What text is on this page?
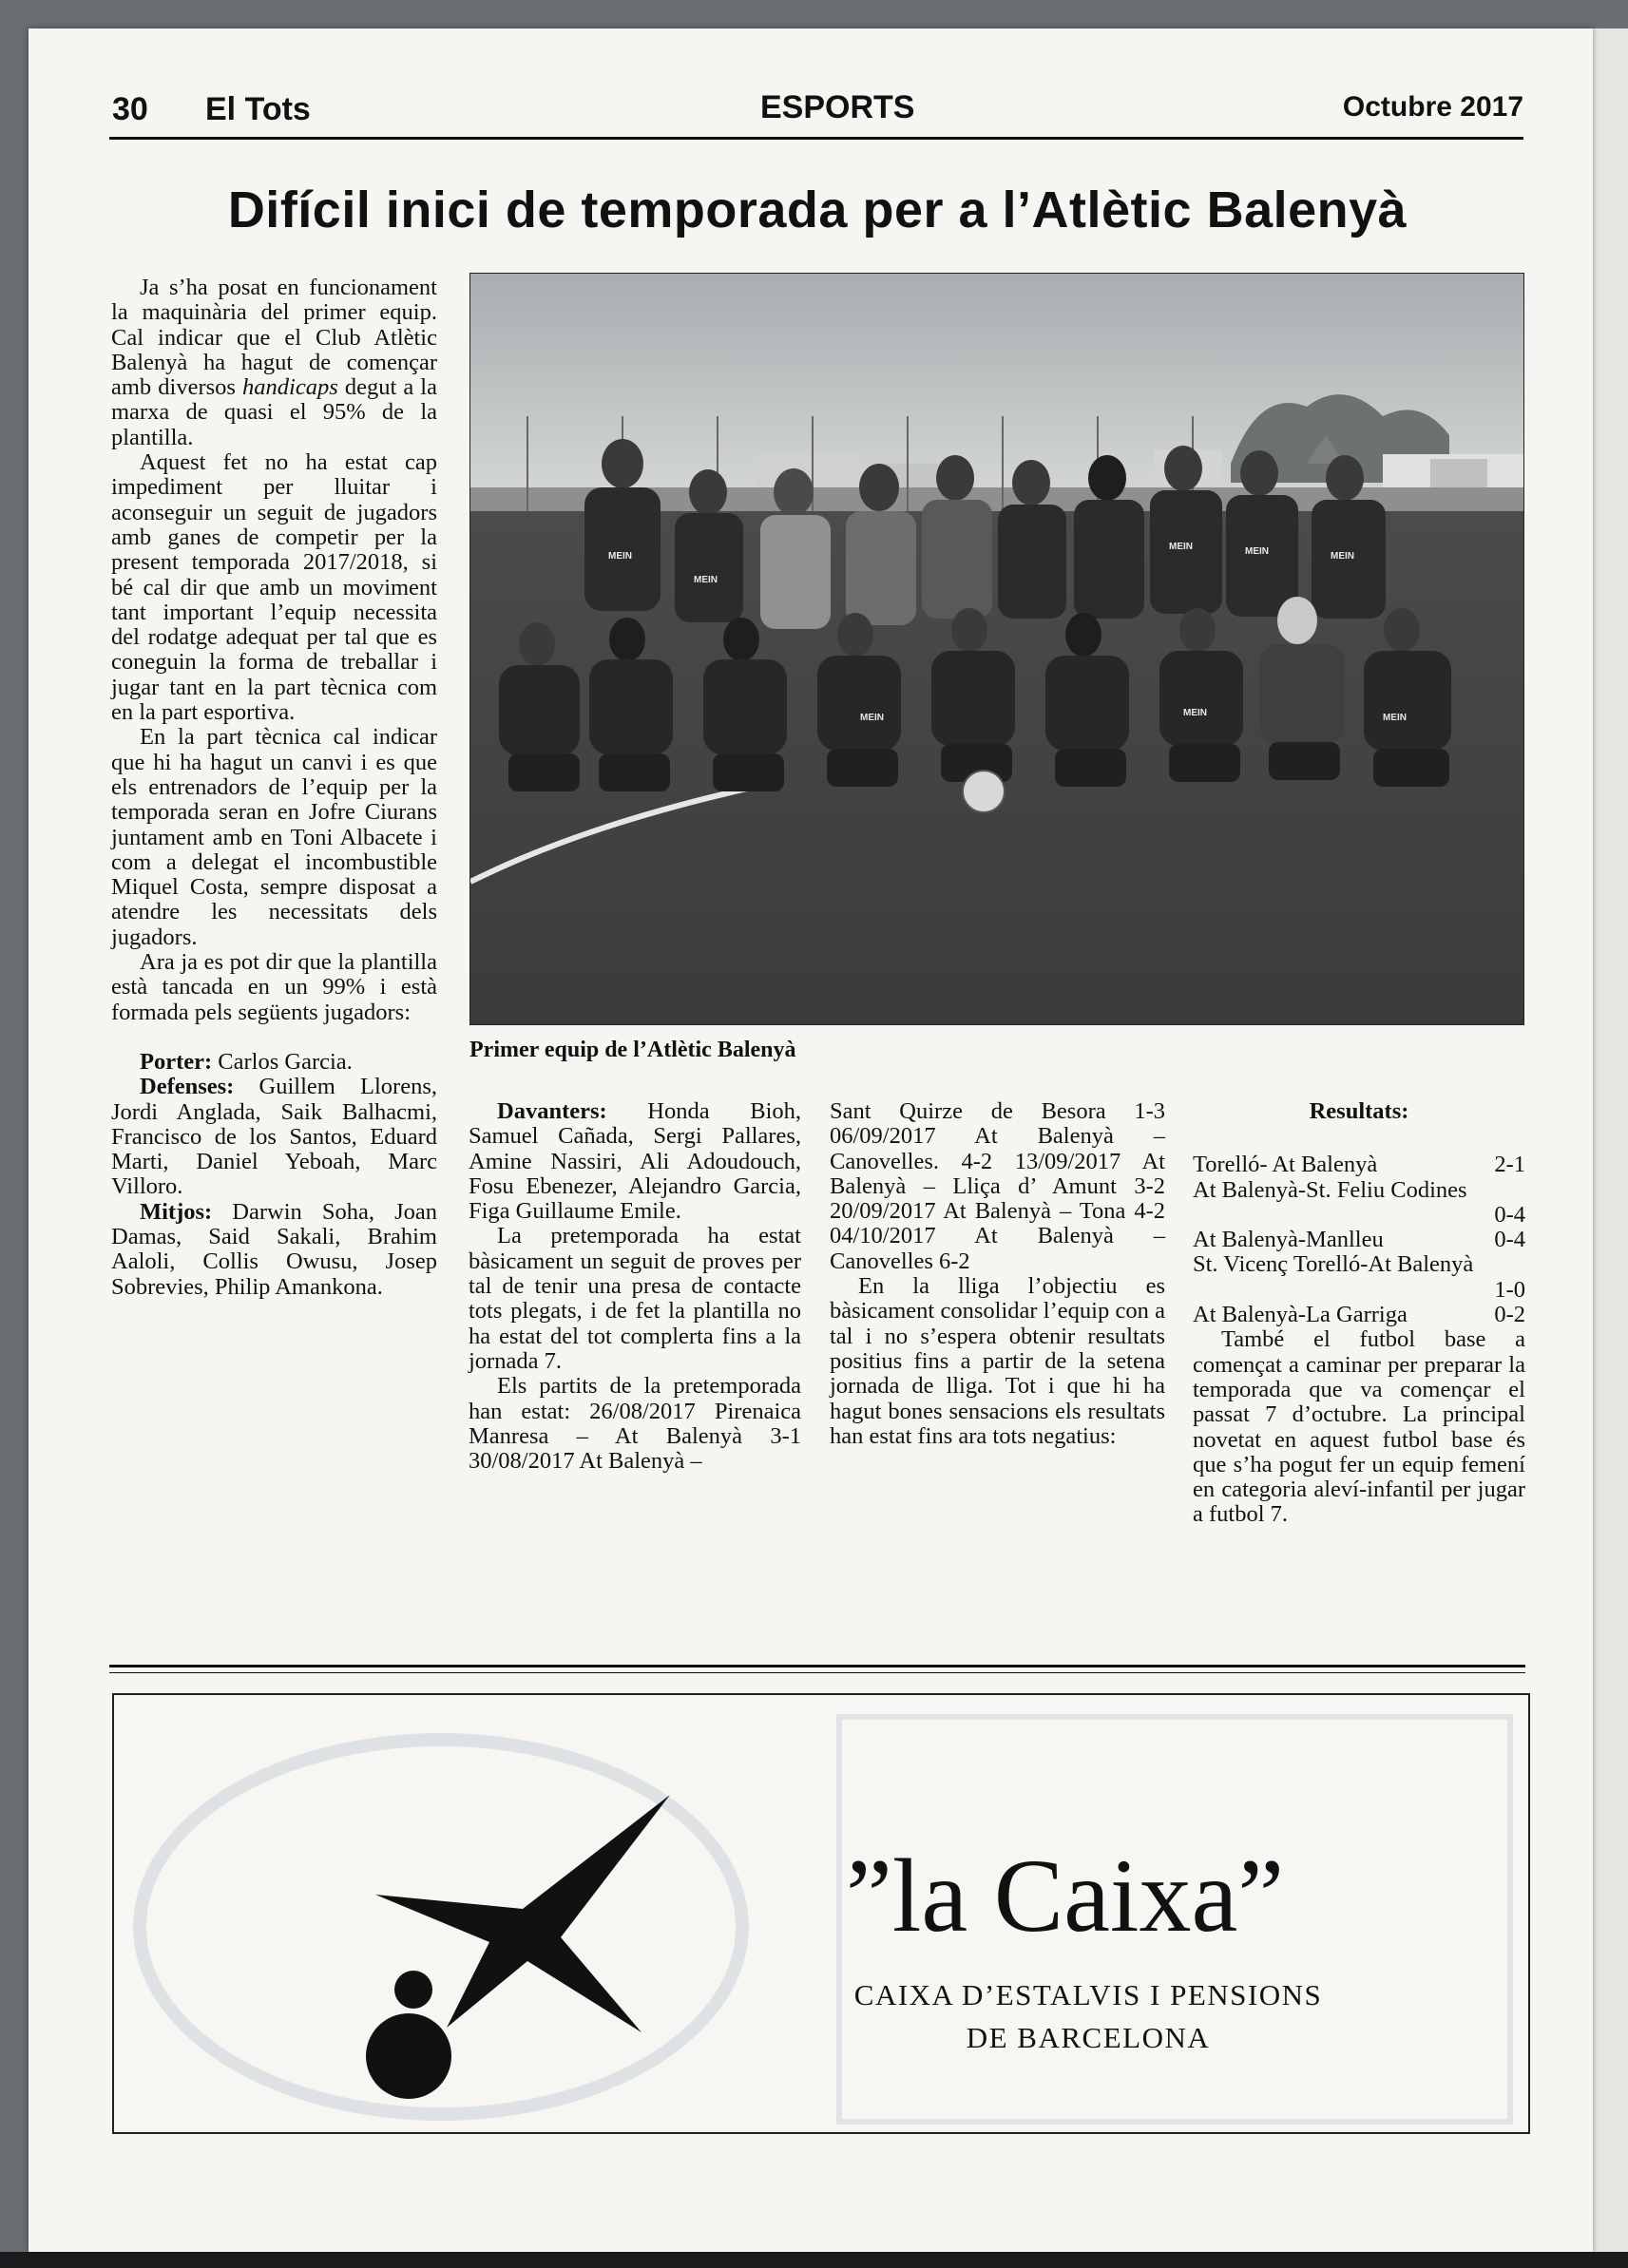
30 El Tots	ESPORTS	Octubre 2017
Difícil inici de temporada per a l’Atlètic Balenyà

Ja s’ha posat en funcionament la maquinària del primer equip. Cal indicar que el Club Atlètic Balenyà ha hagut de començar amb diversos handicaps degut a la marxa de quasi el 95% de la plantilla.

Aquest fet no ha estat cap impediment per lluitar i aconseguir un seguit de jugadors amb ganes de competir per la present temporada 2017/2018, si bé cal dir que amb un moviment tant important l’equip necessita del rodatge adequat per tal que es coneguin la forma de treballar i jugar tant en la part tècnica com en la part esportiva.

En la part tècnica cal indicar que hi ha hagut un canvi i es que els entrenadors de l’equip per la temporada seran en Jofre Ciurans juntament amb en Toni Albacete i com a delegat el incombustible Miquel Costa, sempre disposat a atendre les necessitats dels jugadors.

Ara ja es pot dir que la plantilla està tancada en un 99% i està formada pels següents jugadors:

Porter: Carlos Garcia.

Defenses: Guillem Llorens, Jordi Anglada, Saik Balhacmi, Francisco de los Santos, Eduard Marti, Daniel Yeboah, Marc Villoro.

Mitjos: Darwin Soha, Joan Damas, Said Sakali, Brahim Aaloli, Collis Owusu, Josep Sobrevies, Philip Amankona.

MEIN
MEIN
MEIN	MEIN	MEIN
MEIN	MEIN	MEIN
Primer equip de l’Atlètic Balenyà

Davanters: Honda Bioh, Samuel Cañada, Sergi Pallares, Amine Nassiri, Ali Adoudouch, Fosu Ebenezer, Alejandro Garcia, Figa Guillaume Emile.

La pretemporada ha estat bàsicament un seguit de proves per tal de tenir una presa de contacte tots plegats, i de fet la plantilla no ha estat del tot complerta fins a la jornada 7.

Els partits de la pretemporada han estat: 26/08/2017 Pirenaica Manresa – At Balenyà 3-1 30/08/2017 At Balenyà –

Sant Quirze de Besora 1-3 06/09/2017 At Balenyà – Canovelles. 4-2 13/09/2017 At Balenyà – Lliça d’ Amunt 3-2 20/09/2017 At Balenyà – Tona 4-2 04/10/2017 At Balenyà – Canovelles 6-2

En la lliga l’objectiu es bàsicament consolidar l’equip con a tal i no s’espera obtenir resultats positius fins a partir de la setena jornada de lliga. Tot i que hi ha hagut bones sensacions els resultats han estat fins ara tots negatius:

Resultats:
Torelló- At Balenyà	2-1
At Balenyà-St. Feliu Codines
0-4
At Balenyà-Manlleu	0-4
St. Vicenç Torelló-At Balenyà
1-0
At Balenyà-La Garriga	0-2

També el futbol base a començat a caminar per preparar la temporada que va començar el passat 7 d’octubre. La principal novetat en aquest futbol base és que s’ha pogut fer un equip femení en categoria aleví-infantil per jugar a futbol 7.

”la Caixa”
CAIXA D’ESTALVIS I PENSIONS
DE BARCELONA
